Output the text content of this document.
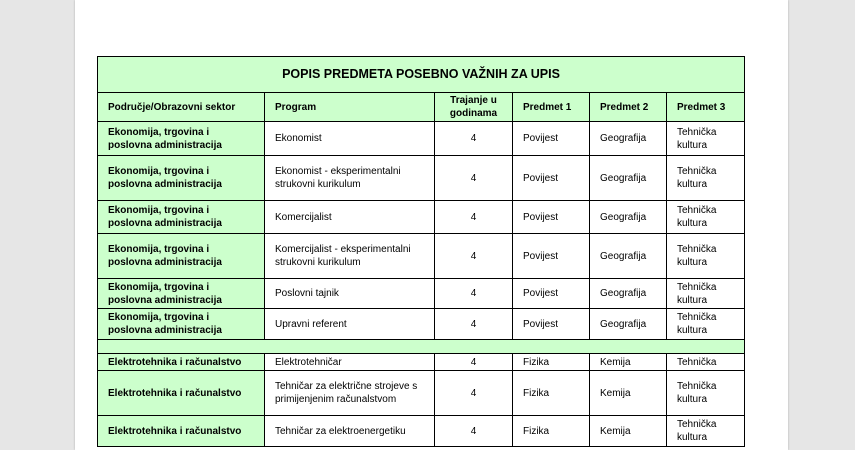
POPIS PREDMETA POSEBNO VAŽNIH ZA UPIS					
Područje/Obrazovni sektor	Program	Trajanje u godinama	Predmet 1	Predmet 2	Predmet 3
Ekonomija, trgovina i poslovna administracija	Ekonomist	4	Povijest	Geografija	Tehnička kultura
Ekonomija, trgovina i poslovna administracija	Ekonomist - eksperimentalni strukovni kurikulum	4	Povijest	Geografija	Tehnička kultura
Ekonomija, trgovina i poslovna administracija	Komercijalist	4	Povijest	Geografija	Tehnička kultura
Ekonomija, trgovina i poslovna administracija	Komercijalist - eksperimentalni strukovni kurikulum	4	Povijest	Geografija	Tehnička kultura
Ekonomija, trgovina i poslovna administracija	Poslovni tajnik	4	Povijest	Geografija	Tehnička kultura
Ekonomija, trgovina i poslovna administracija	Upravni referent	4	Povijest	Geografija	Tehnička kultura

Elektrotehnika i računalstvo	Elektrotehničar	4	Fizika	Kemija	Tehnička
Elektrotehnika i računalstvo	Tehničar za električne strojeve s primijenjenim računalstvom	4	Fizika	Kemija	Tehnička kultura
Elektrotehnika i računalstvo	Tehničar za elektroenergetiku	4	Fizika	Kemija	Tehnička kultura
